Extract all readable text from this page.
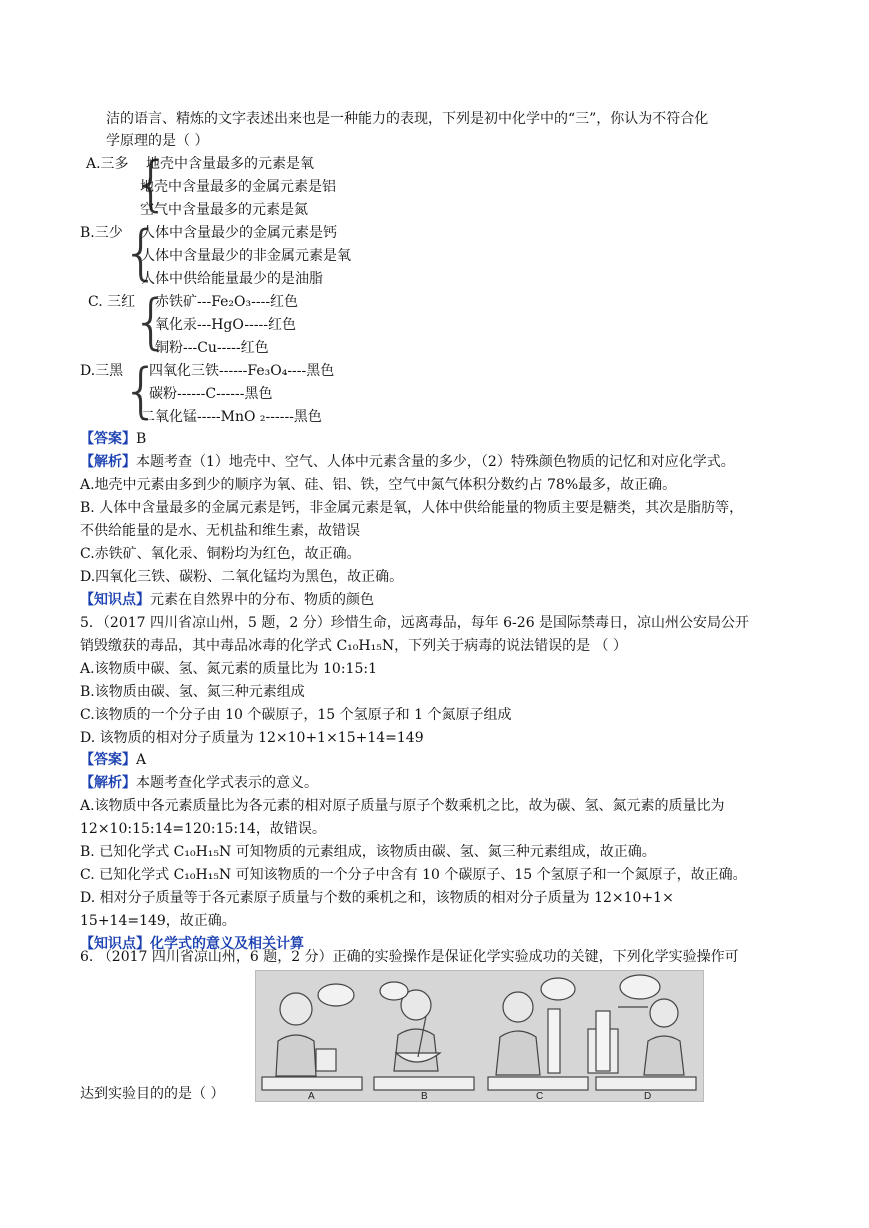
洁的语言、精炼的文字表述出来也是一种能力的表现，下列是初中化学中的“三”，你认为不符合化
学原理的是（ ）
A.三多 {
地壳中含量最多的元素是氧
地壳中含量最多的金属元素是铝
空气中含量最多的元素是氮
B.三少 {
人体中含量最少的金属元素是钙
人体中含量最少的非金属元素是氧
人体中供给能量最少的是油脂
C. 三红
{
赤铁矿---Fe₂O₃----红色
氧化汞---HgO-----红色
铜粉---Cu-----红色
D.三黑
{
四氧化三铁------Fe₃O₄----黑色
碳粉------C------黑色
二氧化锰-----MnO ₂------黑色
【答案】B
【解析】本题考查（1）地壳中、空气、人体中元素含量的多少，（2）特殊颜色物质的记忆和对应化学式。
A.地壳中元素由多到少的顺序为氧、硅、铝、铁，空气中氮气体积分数约占 78%最多，故正确。
B. 人体中含量最多的金属元素是钙，非金属元素是氧，人体中供给能量的物质主要是糖类，其次是脂肪等，
不供给能量的是水、无机盐和维生素，故错误
C.赤铁矿、氧化汞、铜粉均为红色，故正确。
D.四氧化三铁、碳粉、二氧化锰均为黑色，故正确。
【知识点】元素在自然界中的分布、物质的颜色
5．（2017 四川省凉山州，5 题，2 分）珍惜生命，远离毒品，每年 6-26 是国际禁毒日，凉山州公安局公开
销毁缴获的毒品，其中毒品冰毒的化学式 C₁₀H₁₅N，下列关于病毒的说法错误的是 （ ）
A.该物质中碳、氢、氮元素的质量比为 10:15:1
B.该物质由碳、氢、氮三种元素组成
C.该物质的一个分子由 10 个碳原子，15 个氢原子和 1 个氮原子组成
D. 该物质的相对分子质量为 12×10+1×15+14=149
【答案】A
【解析】本题考查化学式表示的意义。
A.该物质中各元素质量比为各元素的相对原子质量与原子个数乘机之比，故为碳、氢、氮元素的质量比为
12×10:15:14=120:15:14，故错误。
B. 已知化学式 C₁₀H₁₅N 可知物质的元素组成，该物质由碳、氢、氮三种元素组成，故正确。
C. 已知化学式 C₁₀H₁₅N 可知该物质的一个分子中含有 10 个碳原子、15 个氢原子和一个氮原子，故正确。
D. 相对分子质量等于各元素原子质量与个数的乘机之和，该物质的相对分子质量为 12×10+1×
15+14=149，故正确。
【知识点】化学式的意义及相关计算
6. （2017 四川省凉山州，6 题，2 分）正确的实验操作是保证化学实验成功的关键，下列化学实验操作可
A	B	C	D
达到实验目的的是（ ）
